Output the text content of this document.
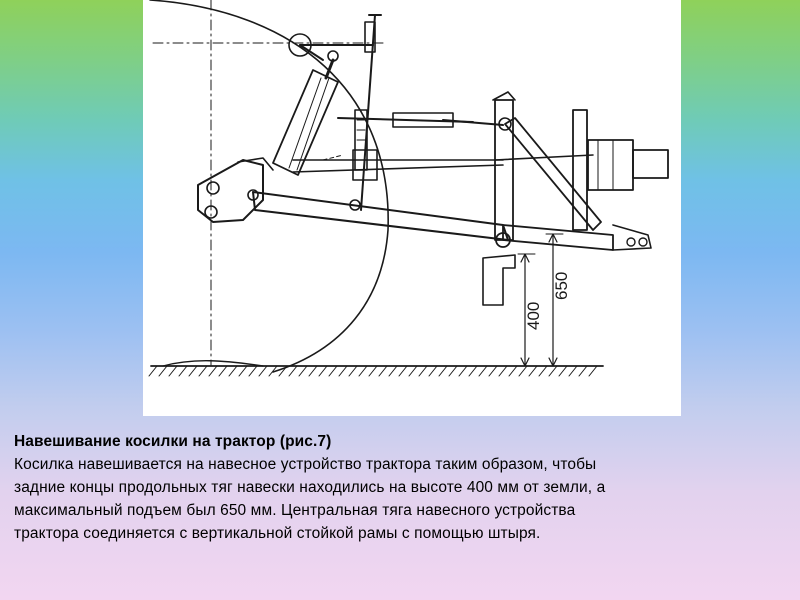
400
650

Навешивание косилки на трактор (рис.7)

Косилка навешивается на навесное устройство трактора таким образом, чтобы

задние концы продольных тяг навески находились на высоте 400 мм от земли, а

максимальный подъем был 650 мм. Центральная тяга навесного устройства

трактора соединяется с вертикальной стойкой рамы с помощью штыря.
